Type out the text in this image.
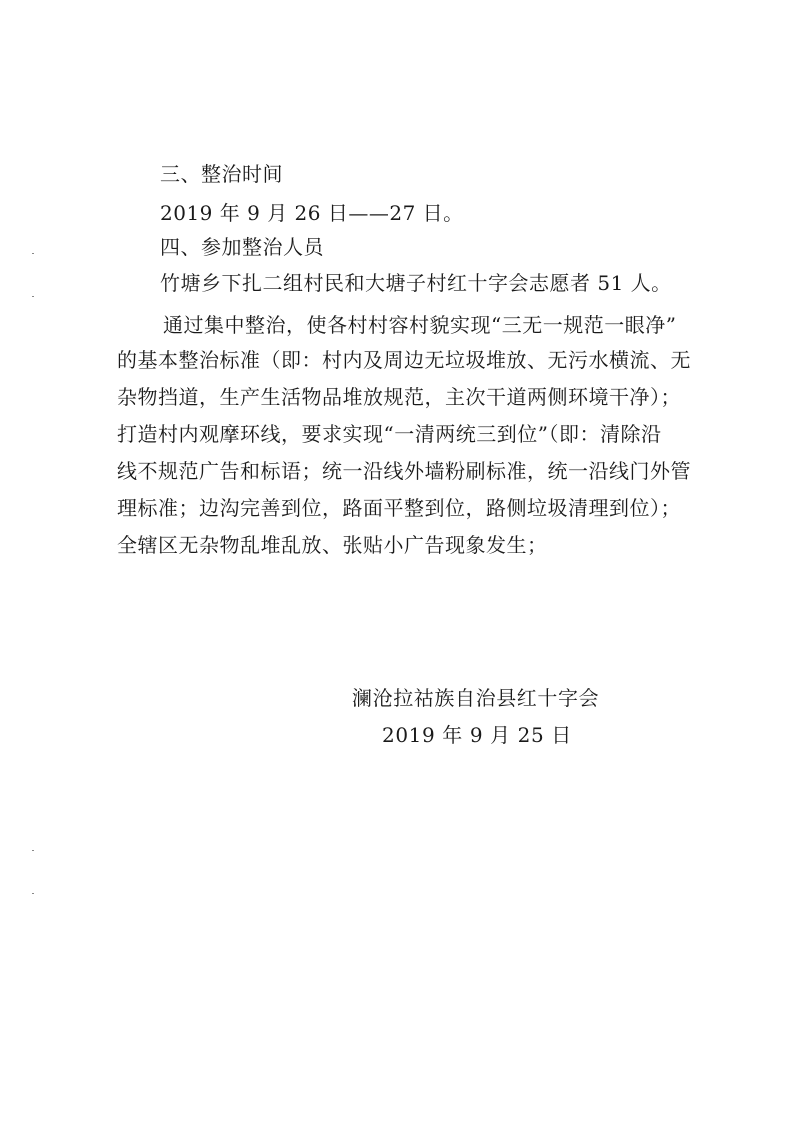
三、整治时间
2019 年 9 月 26 日——27 日。
四、参加整治人员
竹塘乡下扎二组村民和大塘子村红十字会志愿者 51 人。
通过集中整治，使各村村容村貌实现“三无一规范一眼净”
的基本整治标准（即：村内及周边无垃圾堆放、无污水横流、无
杂物挡道，生产生活物品堆放规范，主次干道两侧环境干净）；
打造村内观摩环线，要求实现“一清两统三到位”（即：清除沿
线不规范广告和标语；统一沿线外墙粉刷标准，统一沿线门外管
理标准；边沟完善到位，路面平整到位，路侧垃圾清理到位）；
全辖区无杂物乱堆乱放、张贴小广告现象发生；
澜沧拉祜族自治县红十字会
2019 年 9 月 25 日
